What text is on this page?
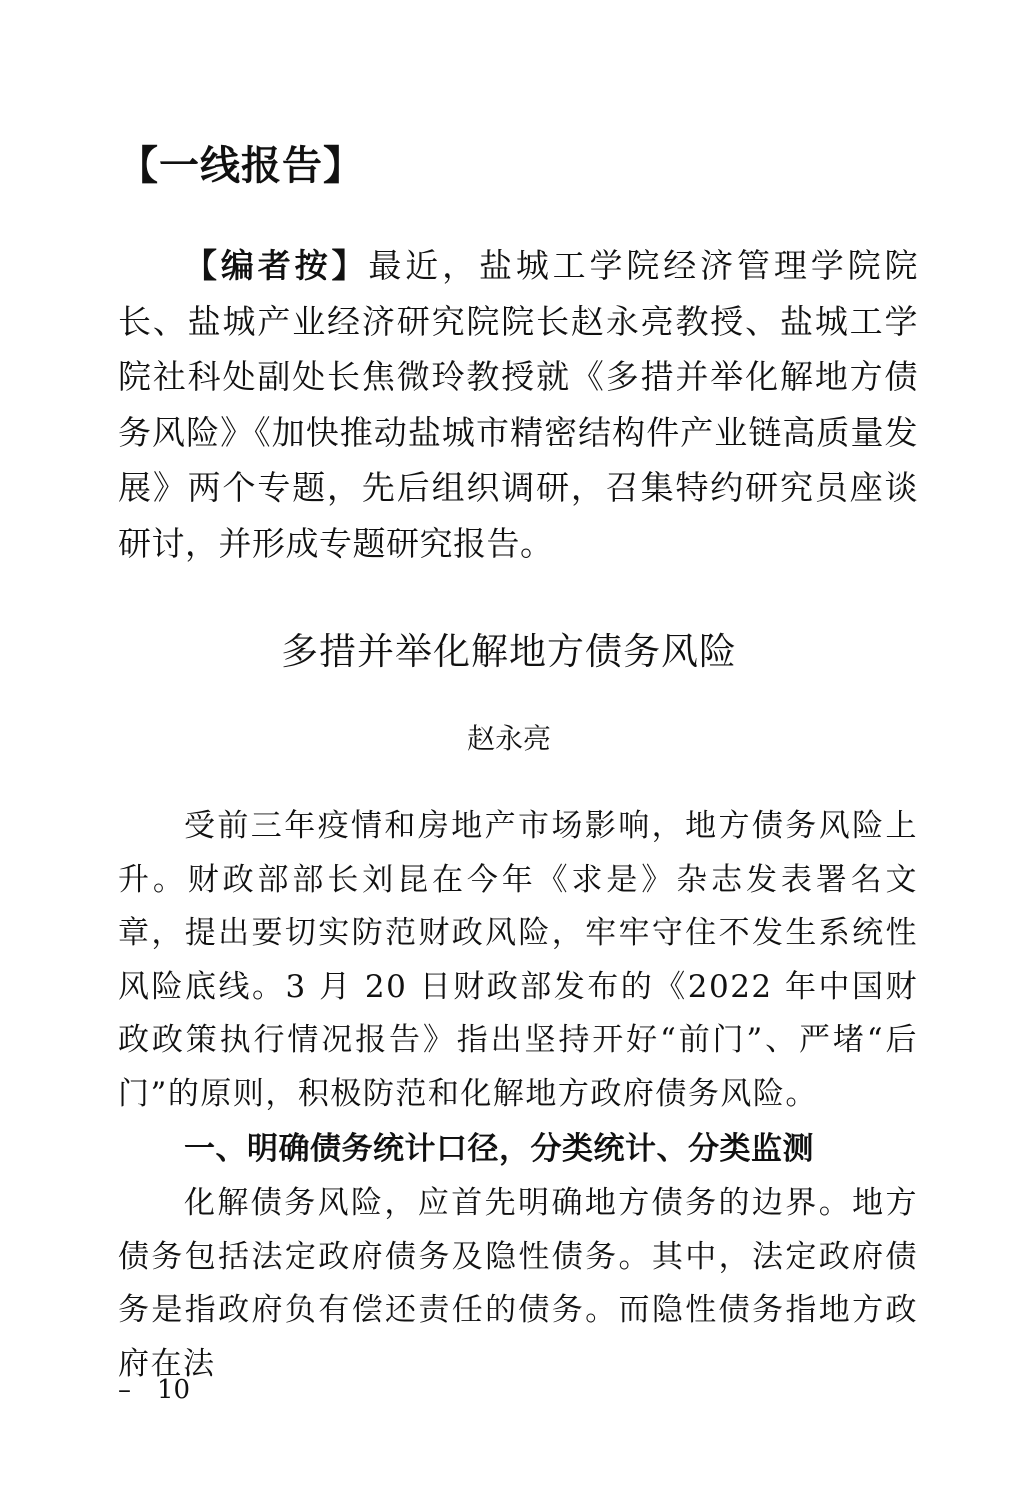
【一线报告】
【编者按】最近，盐城工学院经济管理学院院长、盐城产业经济研究院院长赵永亮教授、盐城工学院社科处副处长焦微玲教授就《多措并举化解地方债务风险》《加快推动盐城市精密结构件产业链高质量发展》两个专题，先后组织调研，召集特约研究员座谈研讨，并形成专题研究报告。
多措并举化解地方债务风险
赵永亮

受前三年疫情和房地产市场影响，地方债务风险上升。财政部部长刘昆在今年《求是》杂志发表署名文章，提出要切实防范财政风险，牢牢守住不发生系统性风险底线。3 月 20 日财政部发布的《2022 年中国财政政策执行情况报告》指出坚持开好“前门”、严堵“后门”的原则，积极防范和化解地方政府债务风险。

一、明确债务统计口径，分类统计、分类监测

化解债务风险，应首先明确地方债务的边界。地方债务包括法定政府债务及隐性债务。其中，法定政府债务是指政府负有偿还责任的债务。而隐性债务指地方政府在法

– 10
